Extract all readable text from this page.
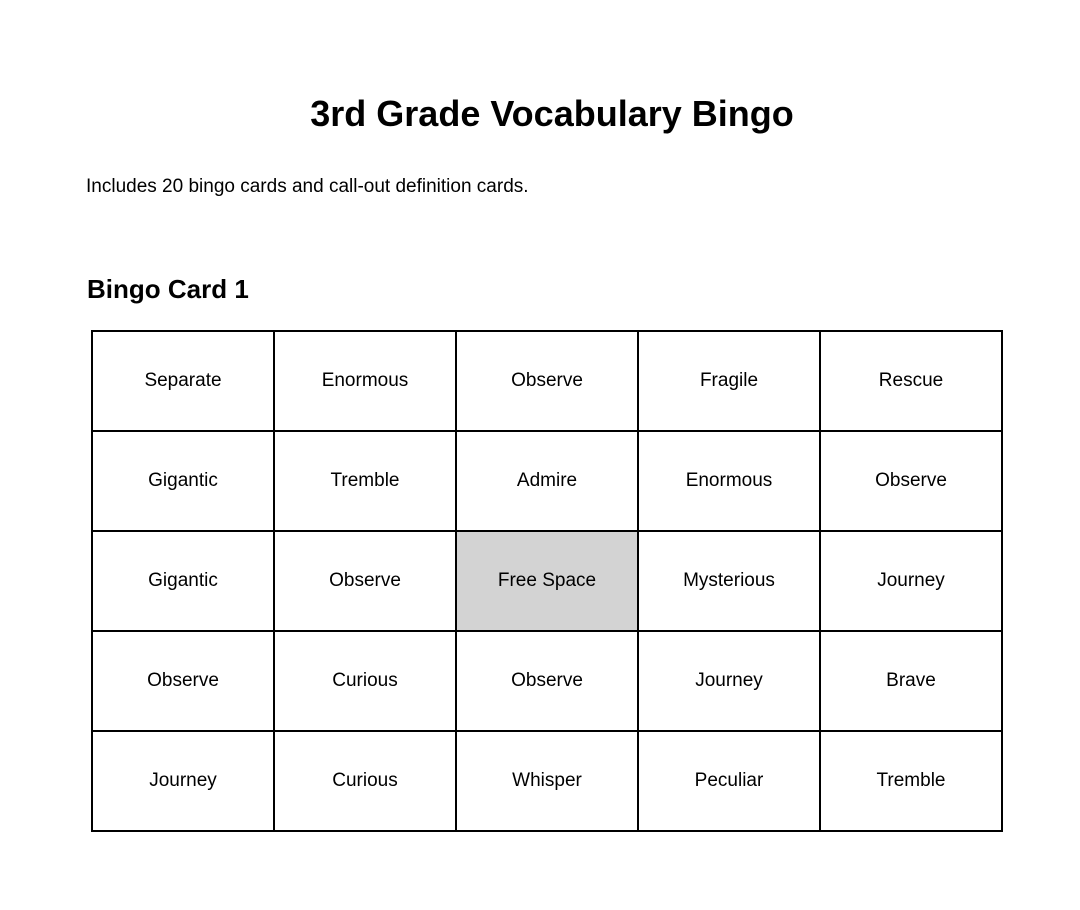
3rd Grade Vocabulary Bingo

Includes 20 bingo cards and call-out definition cards.

Bingo Card 1
Separate	Enormous	Observe	Fragile	Rescue
Gigantic	Tremble	Admire	Enormous	Observe
Gigantic	Observe	Free Space	Mysterious	Journey
Observe	Curious	Observe	Journey	Brave
Journey	Curious	Whisper	Peculiar	Tremble
